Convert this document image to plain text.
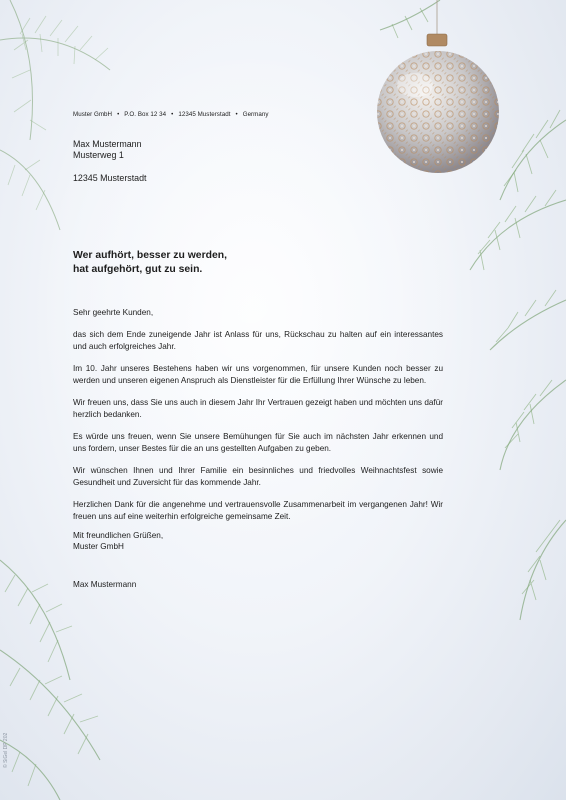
Muster GmbH • P.O. Box 12 34 • 12345 Musterstadt • Germany
Max Mustermann
Musterweg 1
12345 Musterstadt
Wer aufhört, besser zu werden,
hat aufgehört, gut zu sein.

Sehr geehrte Kunden,

das sich dem Ende zuneigende Jahr ist Anlass für uns, Rückschau zu halten auf ein interessantes und auch erfolgreiches Jahr.

Im 10. Jahr unseres Bestehens haben wir uns vorgenommen, für unsere Kunden noch besser zu werden und unseren eigenen Anspruch als Dienstleister für die Erfüllung Ihrer Wünsche zu leben.

Wir freuen uns, dass Sie uns auch in diesem Jahr Ihr Vertrauen gezeigt haben und möchten uns dafür herzlich bedanken.

Es würde uns freuen, wenn Sie unsere Bemühungen für Sie auch im nächsten Jahr erkennen und uns fordern, unser Bestes für die an uns gestellten Aufgaben zu geben.

Wir wünschen Ihnen und Ihrer Familie ein besinnliches und friedvolles Weihnachtsfest sowie Gesundheit und Zuversicht für das kommende Jahr.

Herzlichen Dank für die angenehme und vertrauensvolle Zusammenarbeit im vergangenen Jahr! Wir freuen uns auf eine weiterhin erfolgreiche gemeinsame Zeit.

Mit freundlichen Grüßen,
Muster GmbH
Max Mustermann
© SiGel DP 202
